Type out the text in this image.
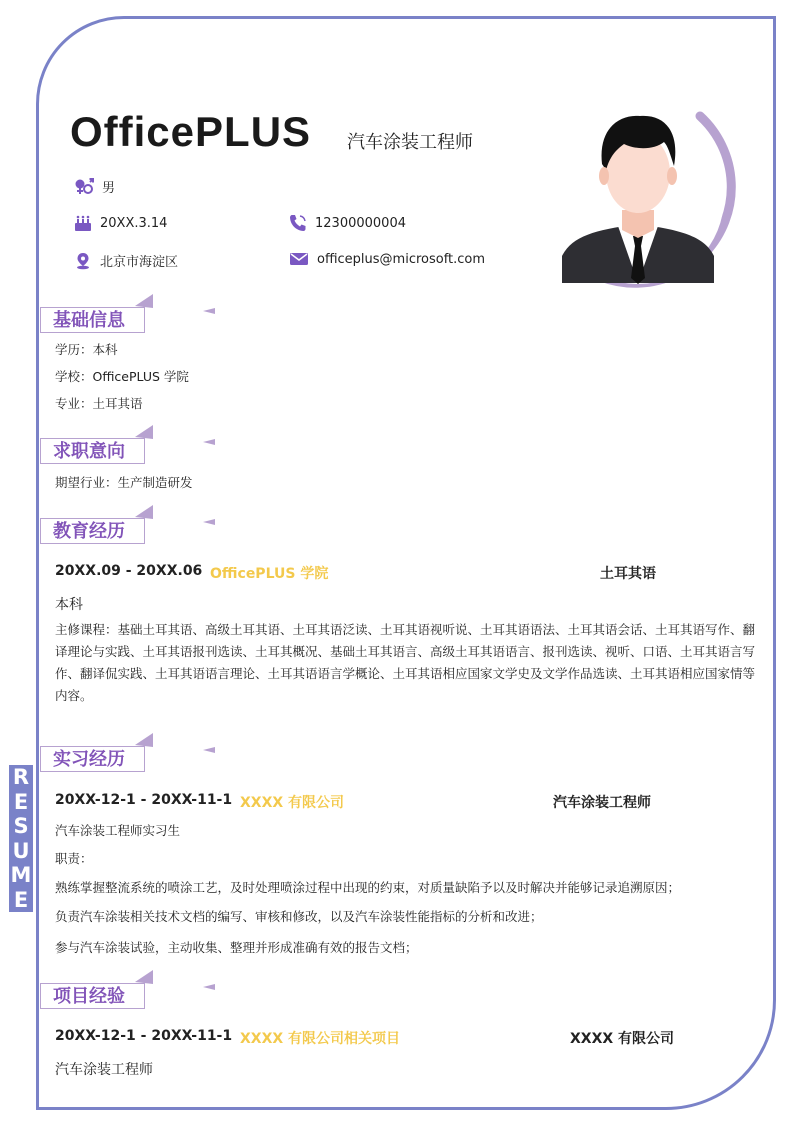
R
E
S
U
M
E
OfficePLUS 汽车涂装工程师
男
20XX.3.14	12300000004
北京市海淀区	officeplus@microsoft.com
基础信息
学历：本科
学校：OfficePLUS 学院
专业：土耳其语
求职意向
期望行业：生产制造研发
教育经历
20XX.09 - 20XX.06 OfficePLUS 学院	土耳其语
本科
主修课程：基础土耳其语、高级土耳其语、土耳其语泛读、土耳其语视听说、土耳其语语法、土耳其语会话、土耳其语写作、翻译理论与实践、土耳其语报刊选读、土耳其概况、基础土耳其语言、高级土耳其语语言、报刊选读、视听、口语、土耳其语言写作、翻译侃实践、土耳其语语言理论、土耳其语语言学概论、土耳其语相应国家文学史及文学作品选读、土耳其语相应国家情等内容。
实习经历
20XX-12-1 - 20XX-11-1 XXXX 有限公司	汽车涂装工程师
汽车涂装工程师实习生
职责：
熟练掌握整流系统的喷涂工艺，及时处理喷涂过程中出现的约束，对质量缺陷予以及时解决并能够记录追溯原因；
负责汽车涂装相关技术文档的编写、审核和修改，以及汽车涂装性能指标的分析和改进；
参与汽车涂装试验，主动收集、整理并形成准确有效的报告文档；
项目经验
20XX-12-1 - 20XX-11-1 XXXX 有限公司相关项目	XXXX 有限公司
汽车涂装工程师
